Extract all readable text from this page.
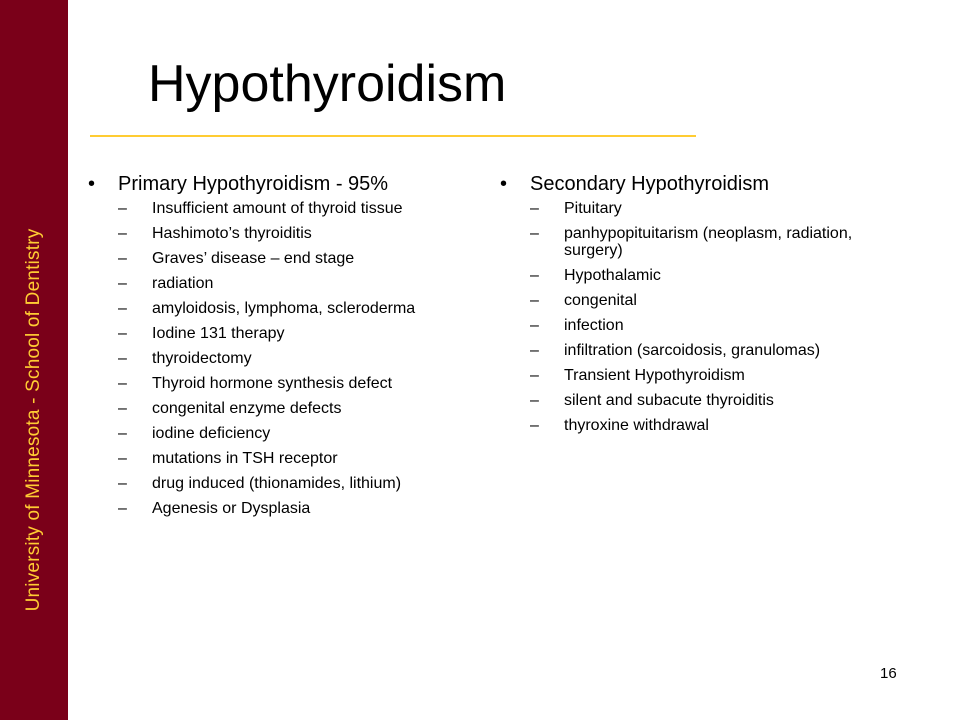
University of Minnesota - School of Dentistry
Hypothyroidism
•	Primary Hypothyroidism - 95%
–	Insufficient amount of thyroid tissue
–	Hashimoto’s thyroiditis
–	Graves’ disease – end stage
–	radiation
–	amyloidosis, lymphoma, scleroderma
–	Iodine 131 therapy
–	thyroidectomy
–	Thyroid hormone synthesis defect
–	congenital enzyme defects
–	iodine deficiency
–	mutations in TSH receptor
–	drug induced (thionamides, lithium)
–	Agenesis or Dysplasia
•	Secondary Hypothyroidism
–	Pituitary
–	panhypopituitarism (neoplasm, radiation, surgery)
–	Hypothalamic
–	congenital
–	infection
–	infiltration (sarcoidosis, granulomas)
–	Transient Hypothyroidism
–	silent and subacute thyroiditis
–	thyroxine withdrawal
16
